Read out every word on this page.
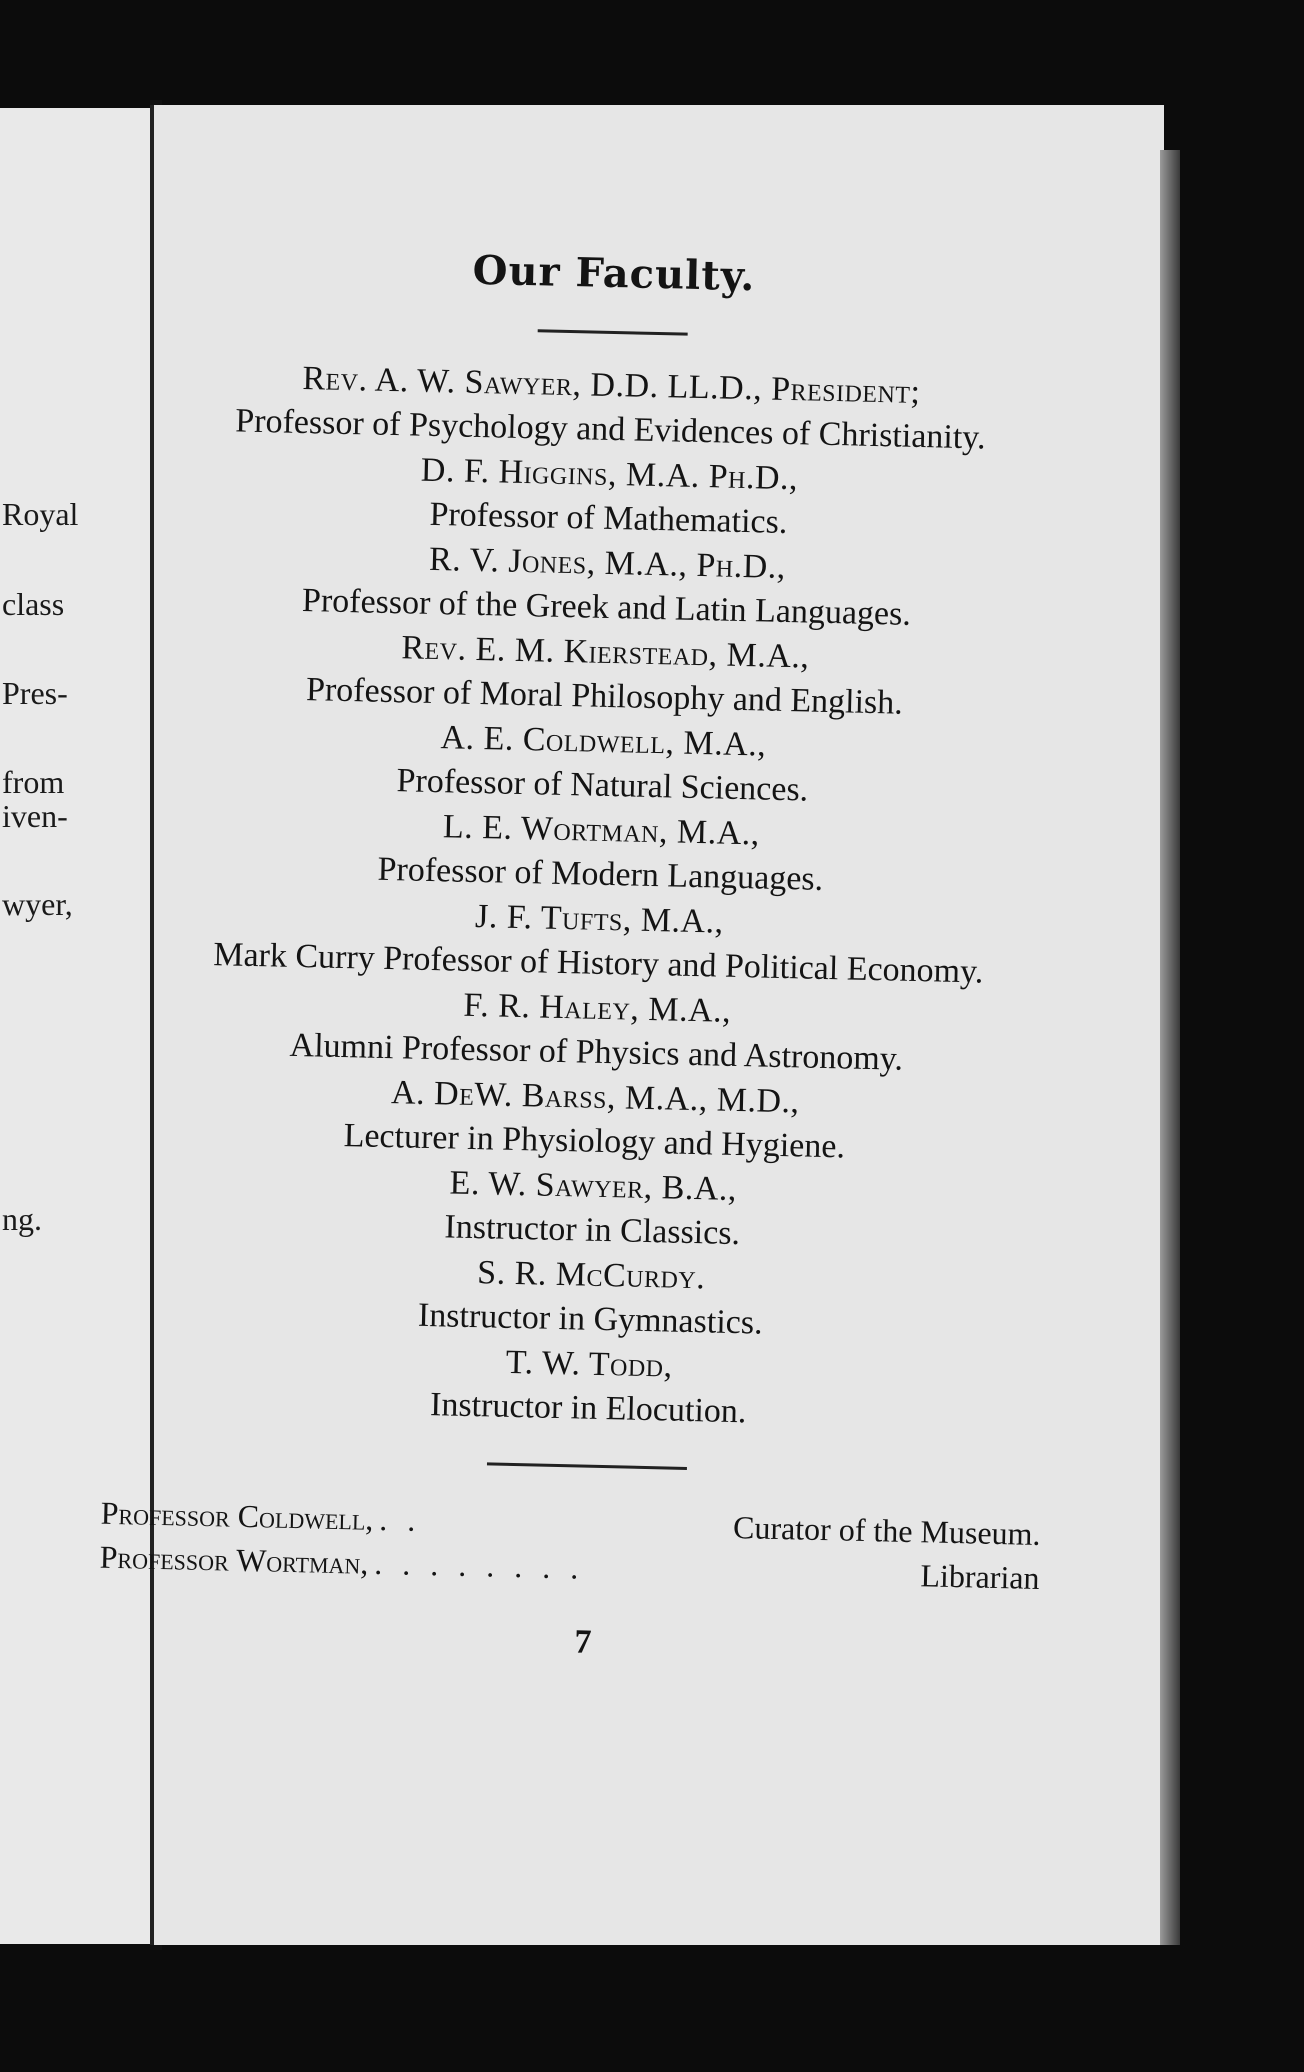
Royal
class
Pres-
from
iven-
wyer,
ng.
Our Faculty.
Rev. A. W. Sawyer, D.D. LL.D., President;
Professor of Psychology and Evidences of Christianity.
D. F. Higgins, M.A. Ph.D.,
Professor of Mathematics.
R. V. Jones, M.A., Ph.D.,
Professor of the Greek and Latin Languages.
Rev. E. M. Kierstead, M.A.,
Professor of Moral Philosophy and English.
A. E. Coldwell, M.A.,
Professor of Natural Sciences.
L. E. Wortman, M.A.,
Professor of Modern Languages.
J. F. Tufts, M.A.,
Mark Curry Professor of History and Political Economy.
F. R. Haley, M.A.,
Alumni Professor of Physics and Astronomy.
A. DeW. Barss, M.A., M.D.,
Lecturer in Physiology and Hygiene.
E. W. Sawyer, B.A.,
Instructor in Classics.
S. R. McCurdy.
Instructor in Gymnastics.
T. W. Todd,
Instructor in Elocution.
Professor Coldwell, . .	Curator of the Museum.
Professor Wortman, . . . . . . . .	Librarian
7
